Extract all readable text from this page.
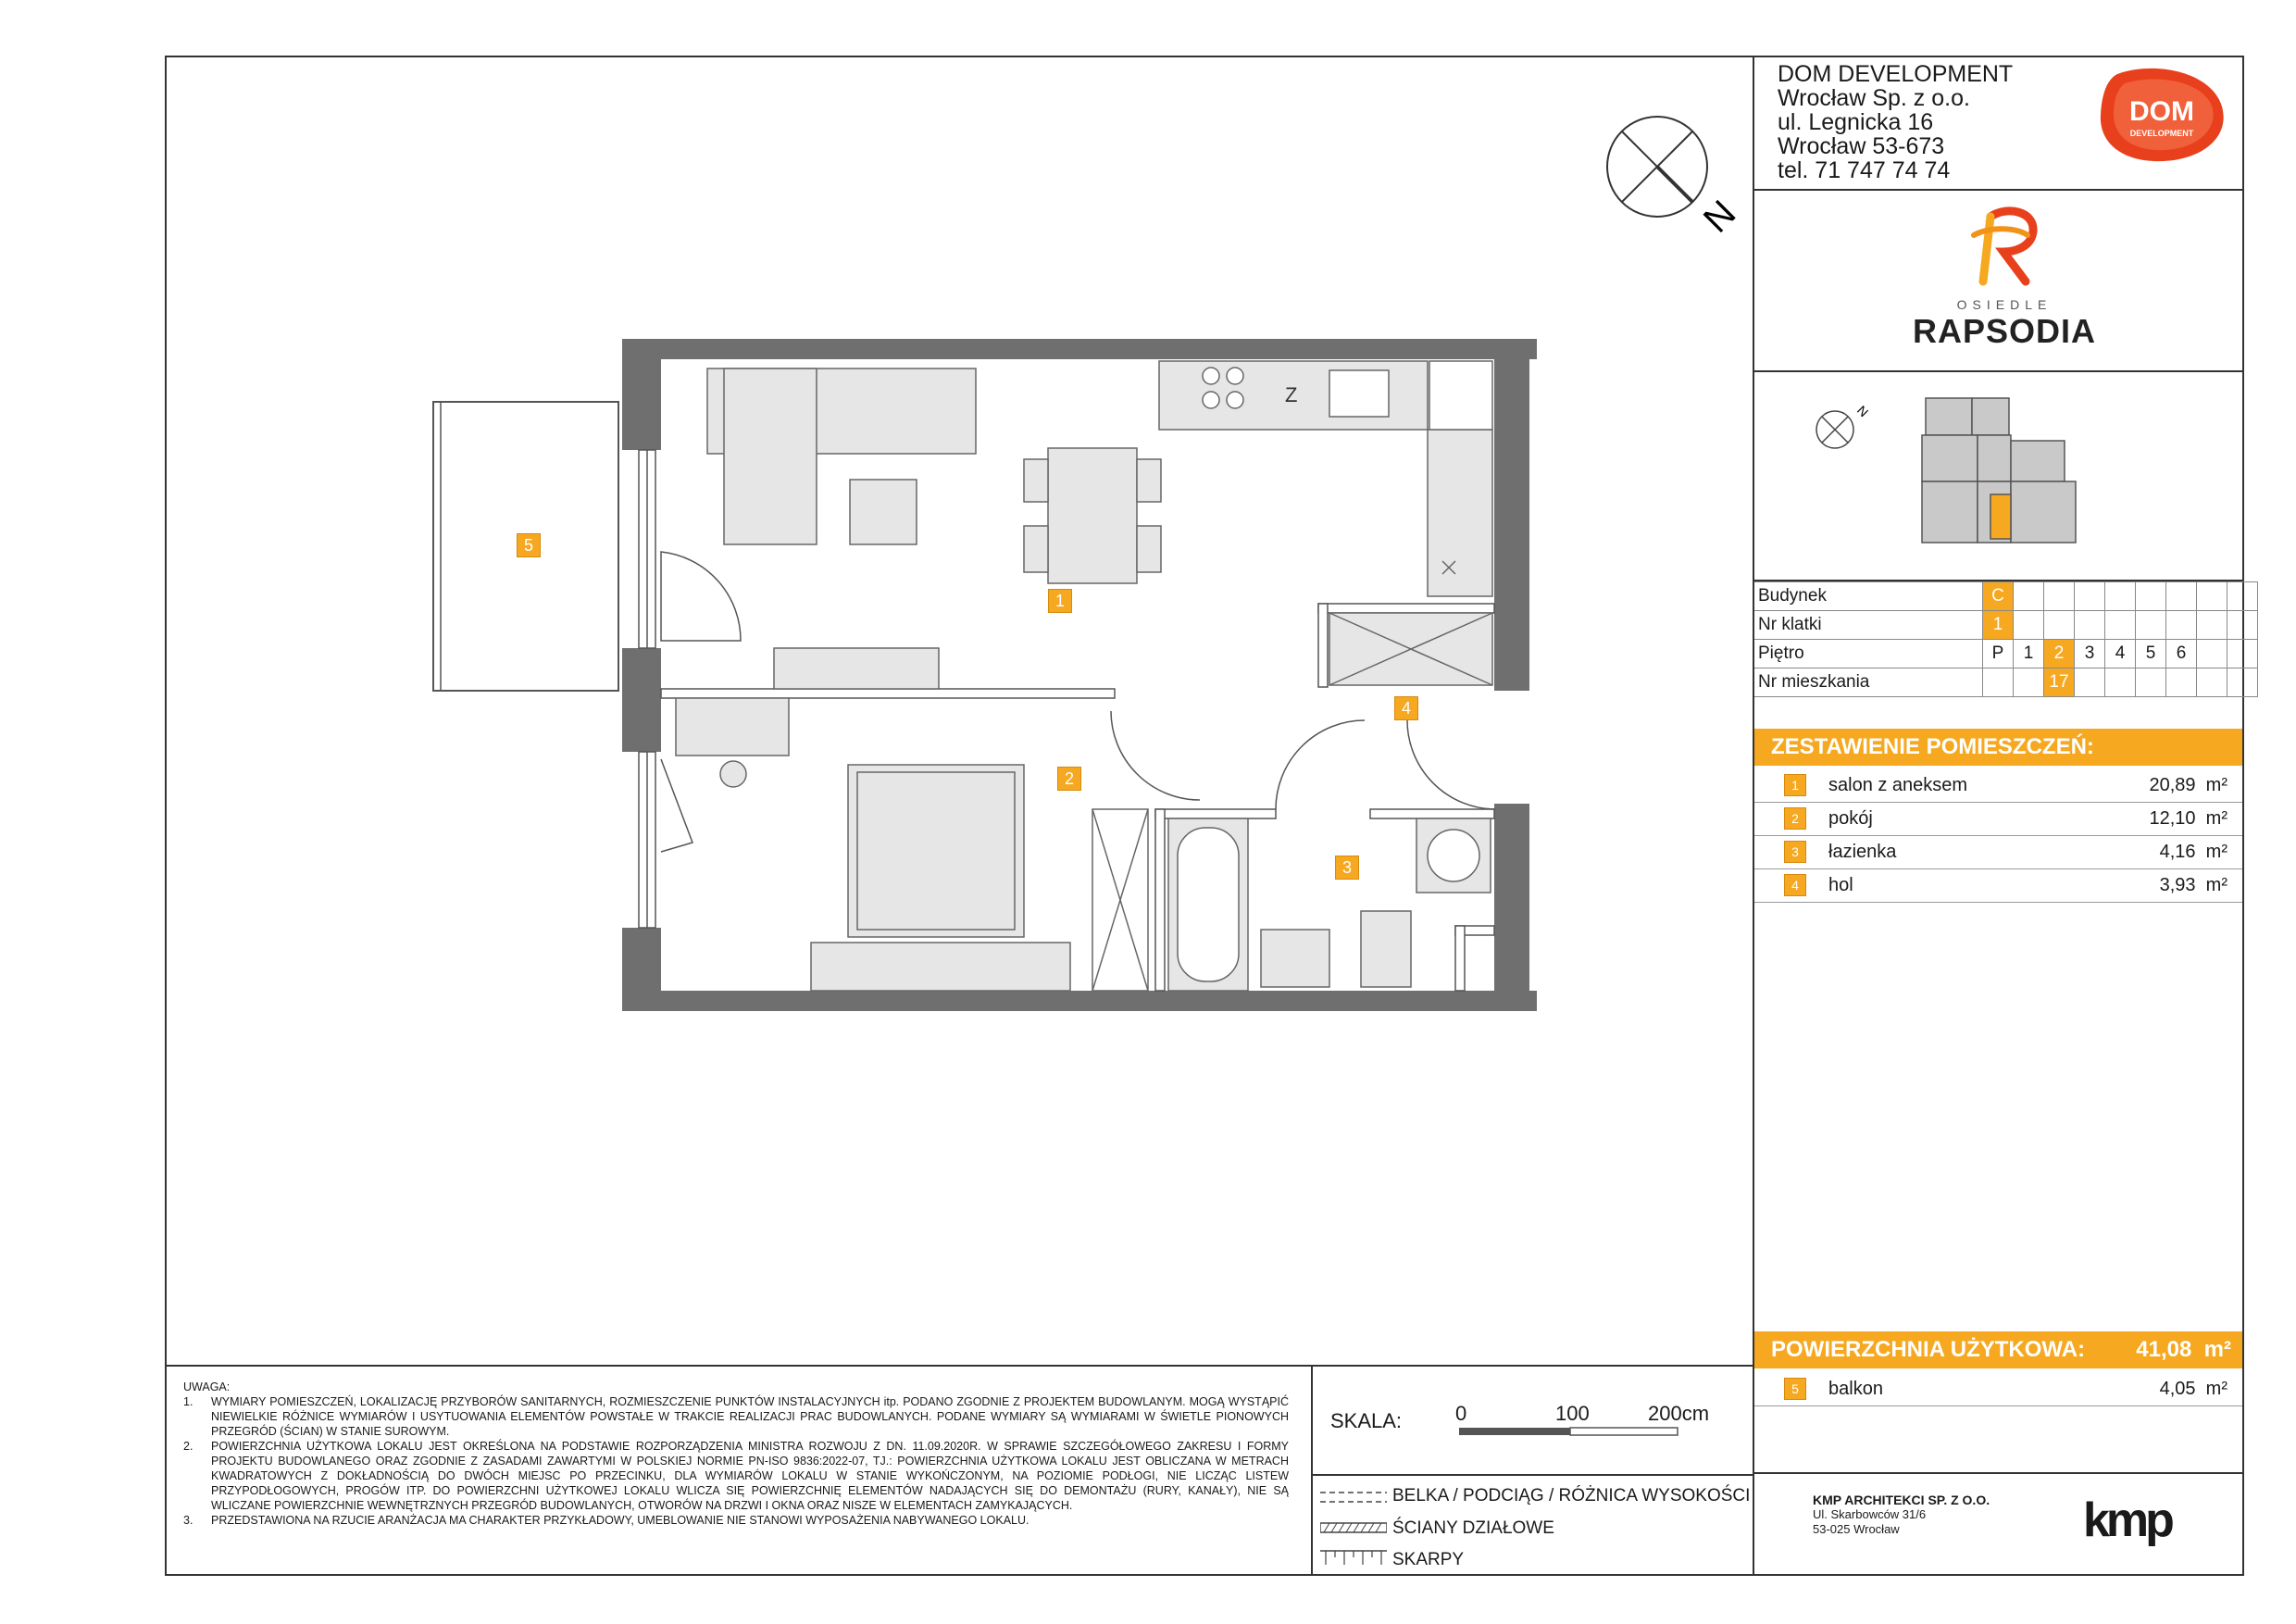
DOM DEVELOPMENT
Wrocław Sp. z o.o.
ul. Legnicka 16
Wrocław 53-673
tel. 71 747 74 74
DOM
DEVELOPMENT
OSIEDLE
RAPSODIA
N
Budynek	C								
Nr klatki	1								
Piętro	P	1	2	3	4	5	6		
Nr mieszkania			17						
ZESTAWIENIE POMIESZCZEŃ:
1	salon z aneksem	20,89 m²
2	pokój	12,10 m²
3	łazienka	4,16 m²
4	hol	3,93 m²
POWIERZCHNIA UŻYTKOWA: 41,08 m²
5	balkon	4,05 m²

UWAGA:

1.	WYMIARY POMIESZCZEŃ, LOKALIZACJĘ PRZYBORÓW SANITARNYCH, ROZMIESZCZENIE PUNKTÓW INSTALACYJNYCH itp. PODANO ZGODNIE Z PROJEKTEM BUDOWLANYM. MOGĄ WYSTĄPIĆ NIEWIELKIE RÓŻNICE WYMIARÓW I USYTUOWANIA ELEMENTÓW POWSTAŁE W TRAKCIE REALIZACJI PRAC BUDOWLANYCH. PODANE WYMIARY SĄ WYMIARAMI W ŚWIETLE PIONOWYCH PRZEGRÓD (ŚCIAN) W STANIE SUROWYM.
2.	POWIERZCHNIA UŻYTKOWA LOKALU JEST OKREŚLONA NA PODSTAWIE ROZPORZĄDZENIA MINISTRA ROZWOJU Z DN. 11.09.2020R. W SPRAWIE SZCZEGÓŁOWEGO ZAKRESU I FORMY PROJEKTU BUDOWLANEGO ORAZ ZGODNIE Z ZASADAMI ZAWARTYMI W POLSKIEJ NORMIE PN-ISO 9836:2022-07, TJ.: POWIERZCHNIA UŻYTKOWA LOKALU JEST OBLICZANA W METRACH KWADRATOWYCH Z DOKŁADNOŚCIĄ DO DWÓCH MIEJSC PO PRZECINKU, DLA WYMIARÓW LOKALU W STANIE WYKOŃCZONYM, NA POZIOMIE PODŁOGI, NIE LICZĄC LISTEW PRZYPODŁOGOWYCH, PROGÓW ITP. DO POWIERZCHNI UŻYTKOWEJ LOKALU WLICZA SIĘ POWIERZCHNIĘ ELEMENTÓW NADAJĄCYCH SIĘ DO DEMONTAŻU (RURY, KANAŁY), NIE SĄ WLICZANE POWIERZCHNIE WEWNĘTRZNYCH PRZEGRÓD BUDOWLANYCH, OTWORÓW NA DRZWI I OKNA ORAZ NISZE W ELEMENTACH ZAMYKAJĄCYCH.
3.	PRZEDSTAWIONA NA RZUCIE ARANŻACJA MA CHARAKTER PRZYKŁADOWY, UMEBLOWANIE NIE STANOWI WYPOSAŻENIA NABYWANEGO LOKALU.
SKALA:	0	100	200cm
BELKA / PODCIĄG / RÓŻNICA WYSOKOŚCI
ŚCIANY DZIAŁOWE
SKARPY
KMP ARCHITEKCI SP. Z O.O.
Ul. Skarbowców 31/6
53-025 Wrocław	kmp
N
Z
1
2
3
4
5
